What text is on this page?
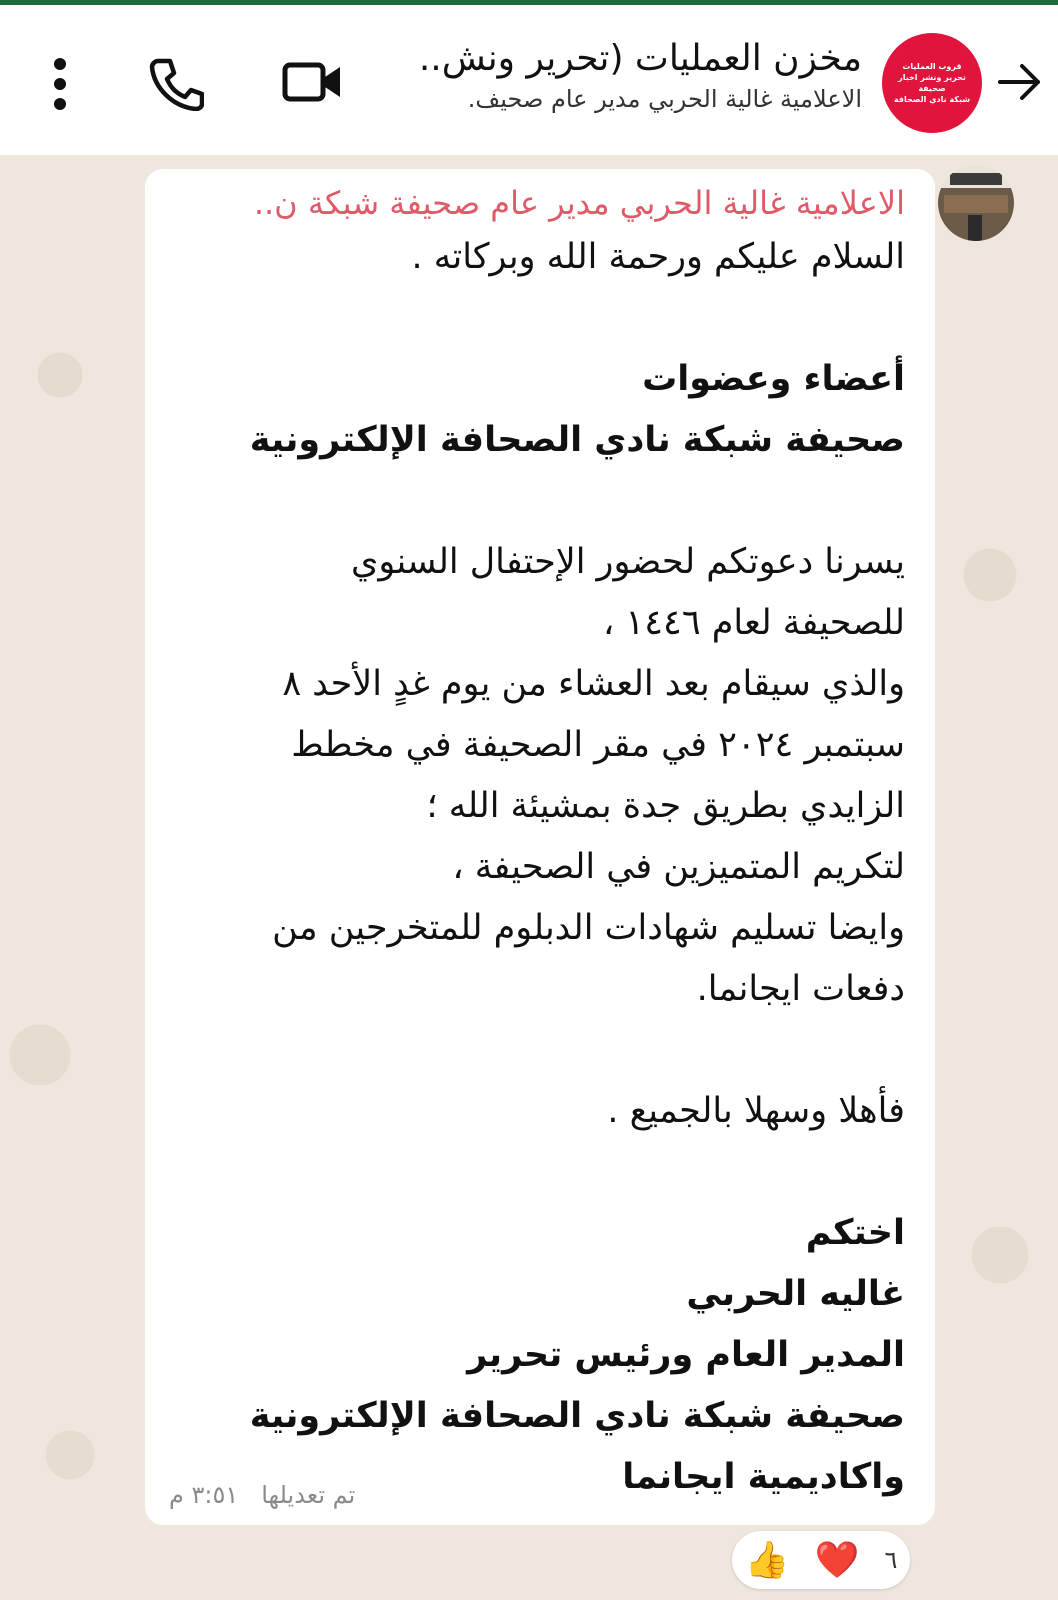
قروب العمليات
تحرير ونشر اخبار
صحيفة
شبكة نادي الصحافة
مخزن العمليات (تحرير ونش..
الاعلامية غالية الحربي مدير عام صحيف.
الاعلامية غالية الحربي مدير عام صحيفة شبكة ن..
السلام عليكم ورحمة الله وبركاته .
أعضاء وعضوات
صحيفة شبكة نادي الصحافة الإلكترونية
يسرنا دعوتكم لحضور الإحتفال السنوي
للصحيفة لعام ١٤٤٦ ،
والذي سيقام بعد العشاء من يوم غدٍ الأحد ٨
سبتمبر ٢٠٢٤ في مقر الصحيفة في مخطط
الزايدي بطريق جدة بمشيئة الله ؛
لتكريم المتميزين في الصحيفة ،
وايضا تسليم شهادات الدبلوم للمتخرجين من
دفعات ايجانما.
فأهلا وسهلا بالجميع .
اختكم
غاليه الحربي
المدير العام ورئيس تحرير
صحيفة شبكة نادي الصحافة الإلكترونية
واكاديمية ايجانما
تم تعديلها   ٣:٥١ م
👍 ❤️ ٦
